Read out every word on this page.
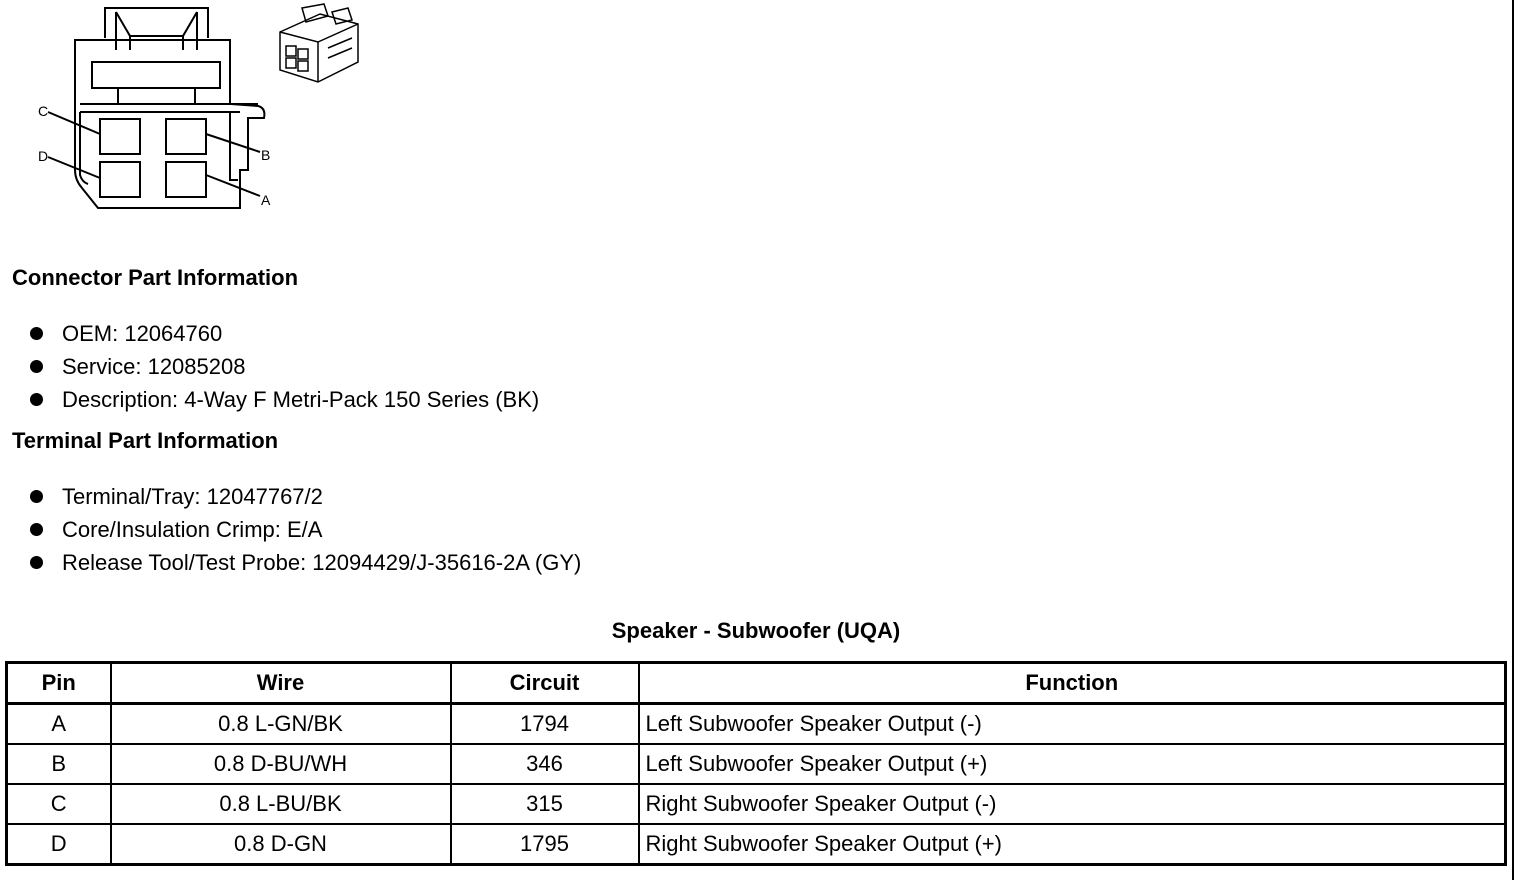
C
D	B
A
Connector Part Information
OEM: 12064760
Service: 12085208
Description: 4-Way F Metri-Pack 150 Series (BK)
Terminal Part Information
Terminal/Tray: 12047767/2
Core/Insulation Crimp: E/A
Release Tool/Test Probe: 12094429/J-35616-2A (GY)
Speaker - Subwoofer (UQA)
Pin	Wire	Circuit	Function
A	0.8 L-GN/BK	1794	Left Subwoofer Speaker Output (-)
B	0.8 D-BU/WH	346	Left Subwoofer Speaker Output (+)
C	0.8 L-BU/BK	315	Right Subwoofer Speaker Output (-)
D	0.8 D-GN	1795	Right Subwoofer Speaker Output (+)
